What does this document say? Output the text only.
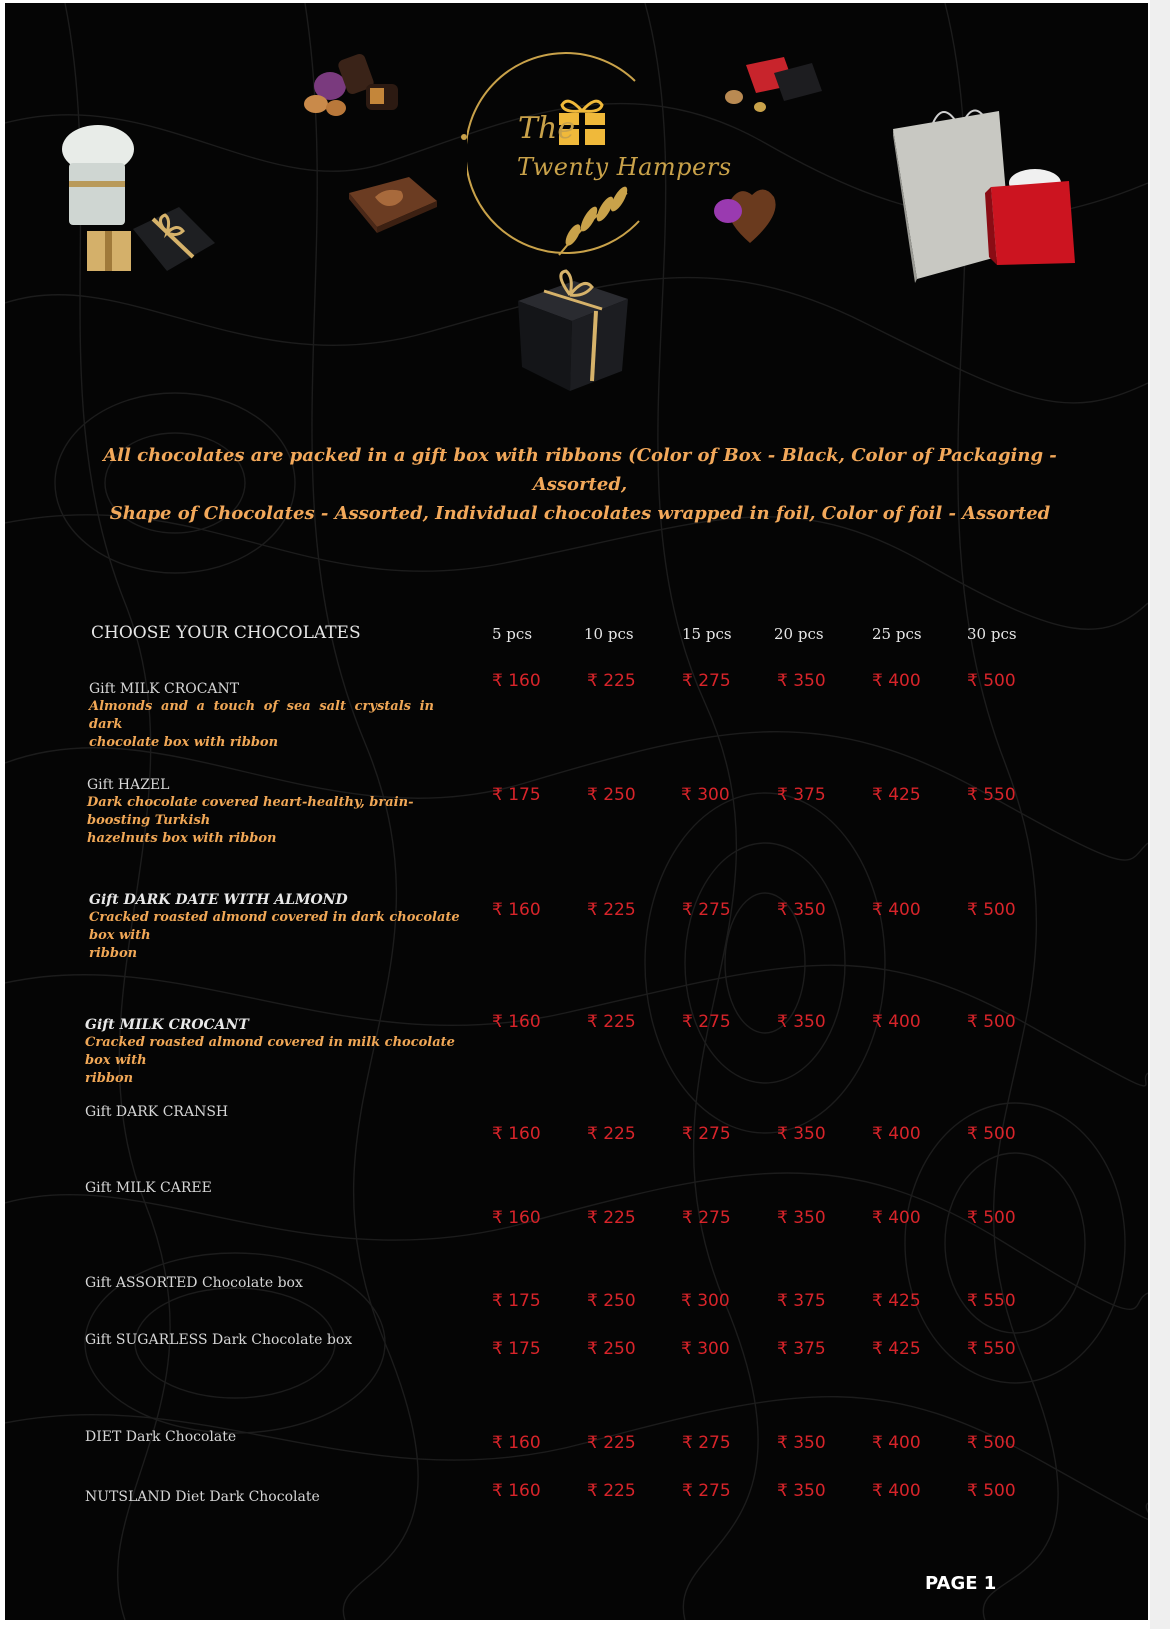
The
Twenty Hampers
All chocolates are packed in a gift box with ribbons (Color of Box - Black, Color of Packaging - Assorted,
Shape of Chocolates - Assorted, Individual chocolates wrapped in foil, Color of foil - Assorted
CHOOSE YOUR CHOCOLATES	5 pcs	10 pcs	15 pcs	20 pcs	25 pcs	30 pcs
Gift MILK CROCANT
Almonds and a touch of sea salt crystals in dark
chocolate box with ribbon
₹ 160	₹ 225	₹ 275	₹ 350	₹ 400	₹ 500
Gift HAZEL
Dark chocolate covered heart-healthy, brain-boosting Turkish
hazelnuts box with ribbon
₹ 175	₹ 250	₹ 300	₹ 375	₹ 425	₹ 550
Gift DARK DATE WITH ALMOND
Cracked roasted almond covered in dark chocolate box with
ribbon
₹ 160	₹ 225	₹ 275	₹ 350	₹ 400	₹ 500
Gift MILK CROCANT
Cracked roasted almond covered in milk chocolate box with
ribbon
₹ 160	₹ 225	₹ 275	₹ 350	₹ 400	₹ 500
Gift DARK CRANSH
₹ 160	₹ 225	₹ 275	₹ 350	₹ 400	₹ 500
Gift MILK CAREE
₹ 160	₹ 225	₹ 275	₹ 350	₹ 400	₹ 500
Gift ASSORTED Chocolate box
₹ 175	₹ 250	₹ 300	₹ 375	₹ 425	₹ 550
Gift SUGARLESS Dark Chocolate box	₹ 175	₹ 250	₹ 300	₹ 375	₹ 425	₹ 550
DIET Dark Chocolate	₹ 160	₹ 225	₹ 275	₹ 350	₹ 400	₹ 500
NUTSLAND Diet Dark Chocolate	₹ 160	₹ 225	₹ 275	₹ 350	₹ 400	₹ 500
PAGE 1
